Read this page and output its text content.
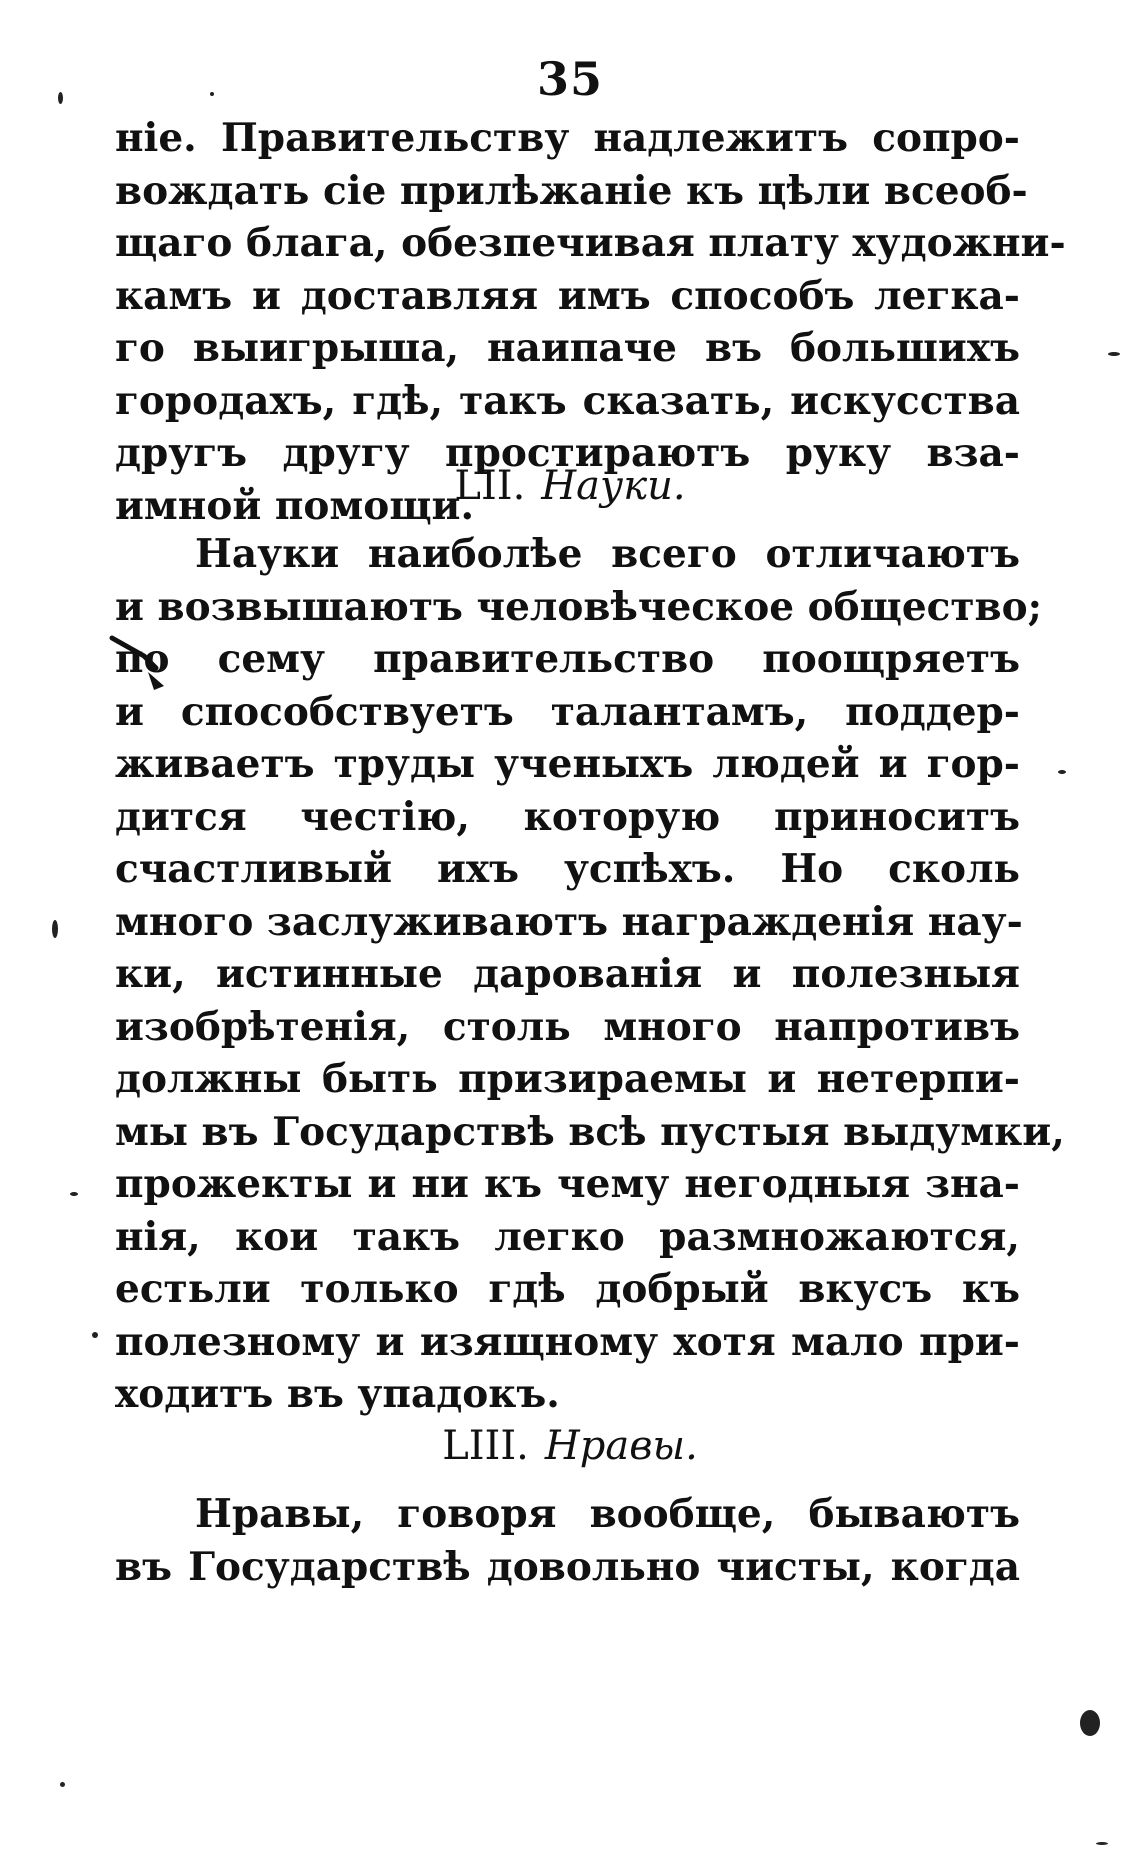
35
ніе. Правительству надлежитъ сопро-
вождать сіе прилѣжаніе къ цѣли всеоб-
щаго блага, обезпечивая плату художни-
камъ и доставляя имъ способъ легка-
го выигрыша, наипаче въ большихъ
городахъ, гдѣ, такъ сказать, искусства
другъ другу простираютъ руку вза-
имной помощи.
LII. Науки.
Науки наиболѣе всего отличаютъ
и возвышаютъ человѣческое общество;
по сему правительство поощряетъ
и способствуетъ талантамъ, поддер-
живаетъ труды ученыхъ людей и гор-
дится честію, которую приноситъ
счастливый ихъ успѣхъ. Но сколь
много заслуживаютъ награжденія нау-
ки, истинные дарованія и полезныя
изобрѣтенія, столь много напротивъ
должны быть призираемы и нетерпи-
мы въ Государствѣ всѣ пустыя выдумки,
прожекты и ни къ чему негодныя зна-
нія, кои такъ легко размножаются,
естьли только гдѣ добрый вкусъ къ
полезному и изящному хотя мало при-
ходитъ въ упадокъ.
LIII. Нравы.
Нравы, говоря вообще, бываютъ
въ Государствѣ довольно чисты, когда
